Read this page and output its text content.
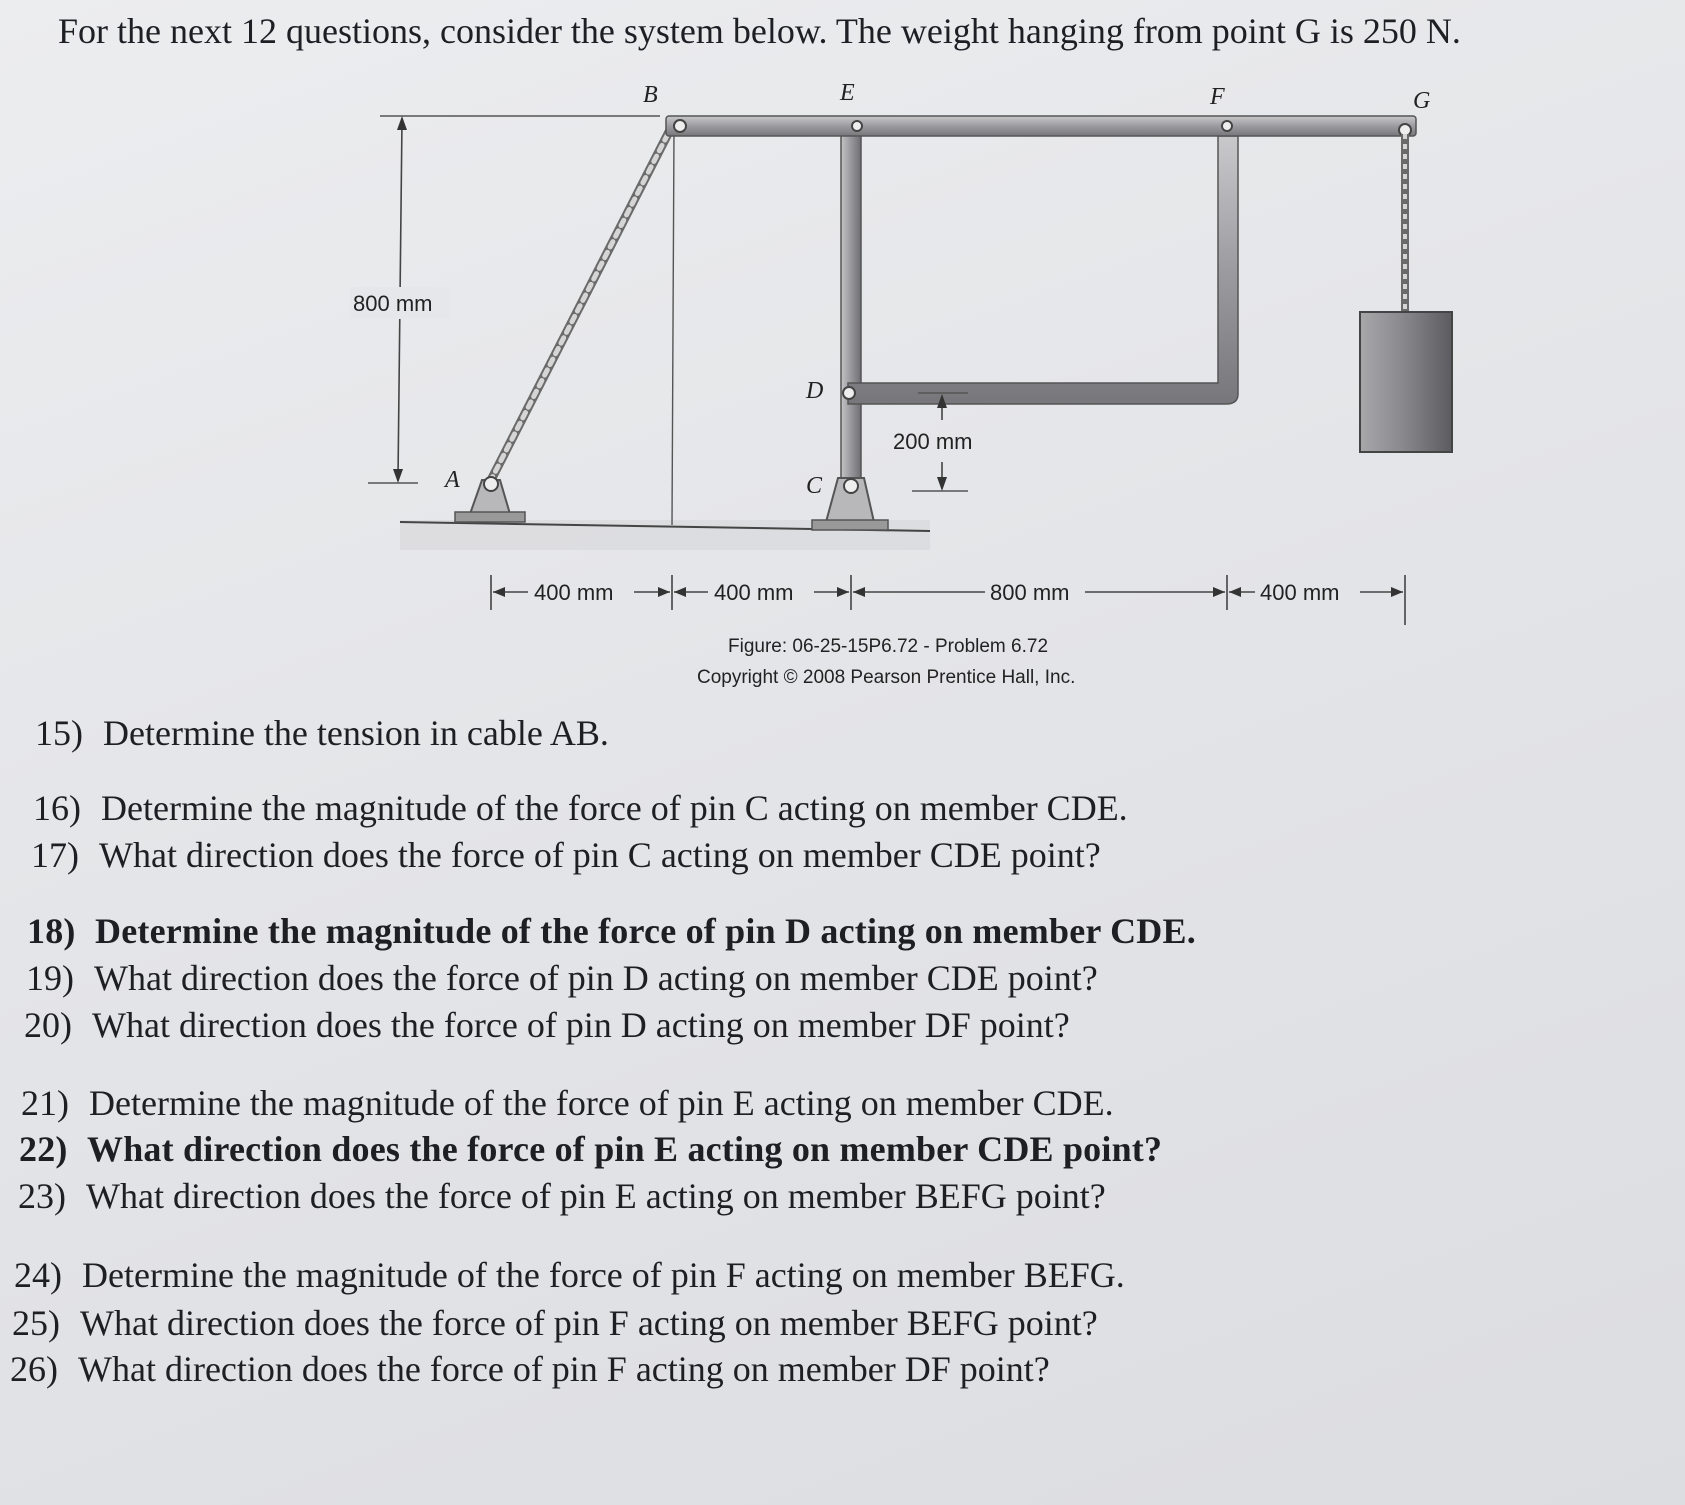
For the next 12 questions, consider the system below. The weight hanging from point G is 250 N.
800 mm
200 mm
400 mm	400 mm	800 mm	400 mm
B	E	F	G
D
C
A
Figure: 06-25-15P6.72 - Problem 6.72
Copyright © 2008 Pearson Prentice Hall, Inc.
15) Determine the tension in cable AB.
16) Determine the magnitude of the force of pin C acting on member CDE.
17) What direction does the force of pin C acting on member CDE point?
18) Determine the magnitude of the force of pin D acting on member CDE.
19) What direction does the force of pin D acting on member CDE point?
20) What direction does the force of pin D acting on member DF point?
21) Determine the magnitude of the force of pin E acting on member CDE.
22) What direction does the force of pin E acting on member CDE point?
23) What direction does the force of pin E acting on member BEFG point?
24) Determine the magnitude of the force of pin F acting on member BEFG.
25) What direction does the force of pin F acting on member BEFG point?
26) What direction does the force of pin F acting on member DF point?
